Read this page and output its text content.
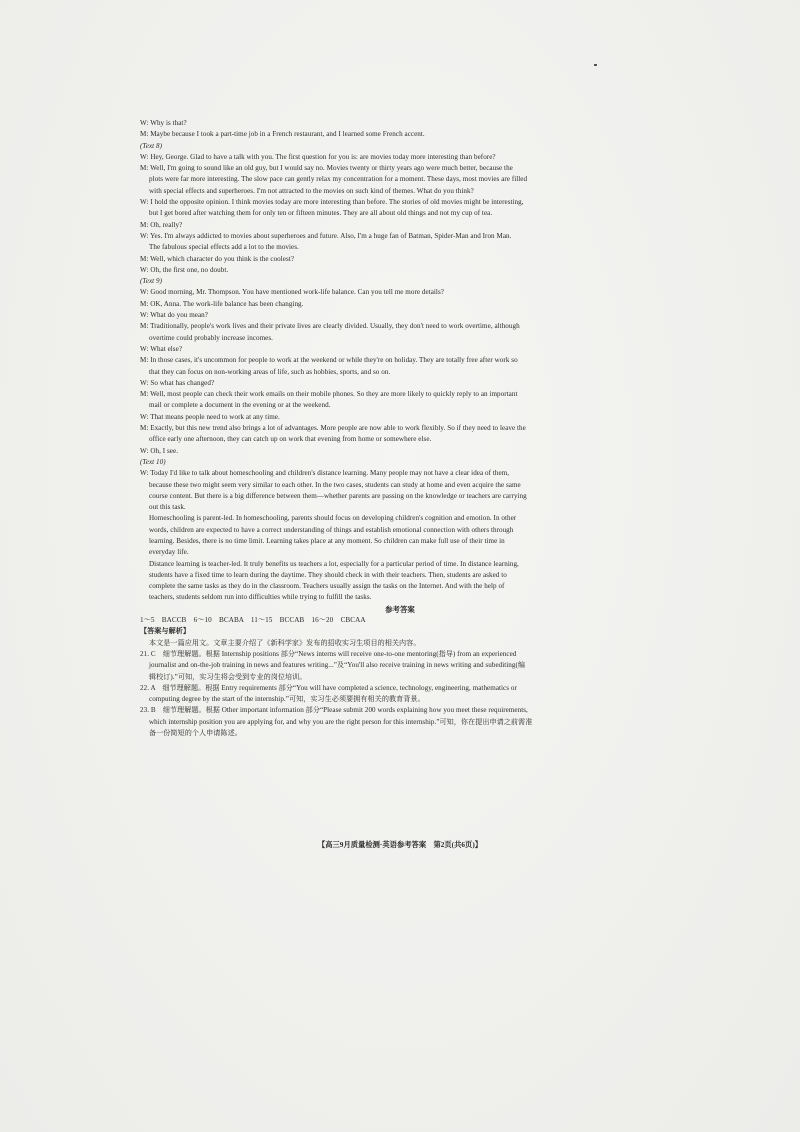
W: Why is that?

M: Maybe because I took a part-time job in a French restaurant, and I learned some French accent.

(Text 8)

W: Hey, George. Glad to have a talk with you. The first question for you is: are movies today more interesting than before?

M: Well, I'm going to sound like an old guy, but I would say no. Movies twenty or thirty years ago were much better, because the

plots were far more interesting. The slow pace can gently relax my concentration for a moment. These days, most movies are filled

with special effects and superheroes. I'm not attracted to the movies on such kind of themes. What do you think?

W: I hold the opposite opinion. I think movies today are more interesting than before. The stories of old movies might be interesting,

but I get bored after watching them for only ten or fifteen minutes. They are all about old things and not my cup of tea.

M: Oh, really?

W: Yes. I'm always addicted to movies about superheroes and future. Also, I'm a huge fan of Batman, Spider-Man and Iron Man.

The fabulous special effects add a lot to the movies.

M: Well, which character do you think is the coolest?

W: Oh, the first one, no doubt.

(Text 9)

W: Good morning, Mr. Thompson. You have mentioned work-life balance. Can you tell me more details?

M: OK, Anna. The work-life balance has been changing.

W: What do you mean?

M: Traditionally, people's work lives and their private lives are clearly divided. Usually, they don't need to work overtime, although

overtime could probably increase incomes.

W: What else?

M: In those cases, it's uncommon for people to work at the weekend or while they're on holiday. They are totally free after work so

that they can focus on non-working areas of life, such as hobbies, sports, and so on.

W: So what has changed?

M: Well, most people can check their work emails on their mobile phones. So they are more likely to quickly reply to an important

mail or complete a document in the evening or at the weekend.

W: That means people need to work at any time.

M: Exactly, but this new trend also brings a lot of advantages. More people are now able to work flexibly. So if they need to leave the

office early one afternoon, they can catch up on work that evening from home or somewhere else.

W: Oh, I see.

(Text 10)

W: Today I'd like to talk about homeschooling and children's distance learning. Many people may not have a clear idea of them,

because these two might seem very similar to each other. In the two cases, students can study at home and even acquire the same

course content. But there is a big difference between them—whether parents are passing on the knowledge or teachers are carrying

out this task.

Homeschooling is parent-led. In homeschooling, parents should focus on developing children's cognition and emotion. In other

words, children are expected to have a correct understanding of things and establish emotional connection with others through

learning. Besides, there is no time limit. Learning takes place at any moment. So children can make full use of their time in

everyday life.

Distance learning is teacher-led. It truly benefits us teachers a lot, especially for a particular period of time. In distance learning,

students have a fixed time to learn during the daytime. They should check in with their teachers. Then, students are asked to

complete the same tasks as they do in the classroom. Teachers usually assign the tasks on the Internet. And with the help of

teachers, students seldom run into difficulties while trying to fulfill the tasks.

参考答案

1～5　BACCB　6～10　BCABA　11～15　BCCAB　16～20　CBCAA

【答案与解析】

本文是一篇应用文。文章主要介绍了《新科学家》发布的招收实习生项目的相关内容。

21. C　细节理解题。根据 Internship positions 部分“News interns will receive one-to-one mentoring(指导) from an experienced

journalist and on-the-job training in news and features writing...”及“You'll also receive training in news writing and subediting(编

辑校订).”可知，实习生将会受到专业的岗位培训。

22. A　细节理解题。根据 Entry requirements 部分“You will have completed a science, technology, engineering, mathematics or

computing degree by the start of the internship.”可知，实习生必须要拥有相关的教育背景。

23. B　细节理解题。根据 Other important information 部分“Please submit 200 words explaining how you meet these requirements,

which internship position you are applying for, and why you are the right person for this internship.”可知，你在提出申请之前需准

备一份简短的个人申请陈述。

【高三9月质量检测·英语参考答案　第2页(共6页)】
